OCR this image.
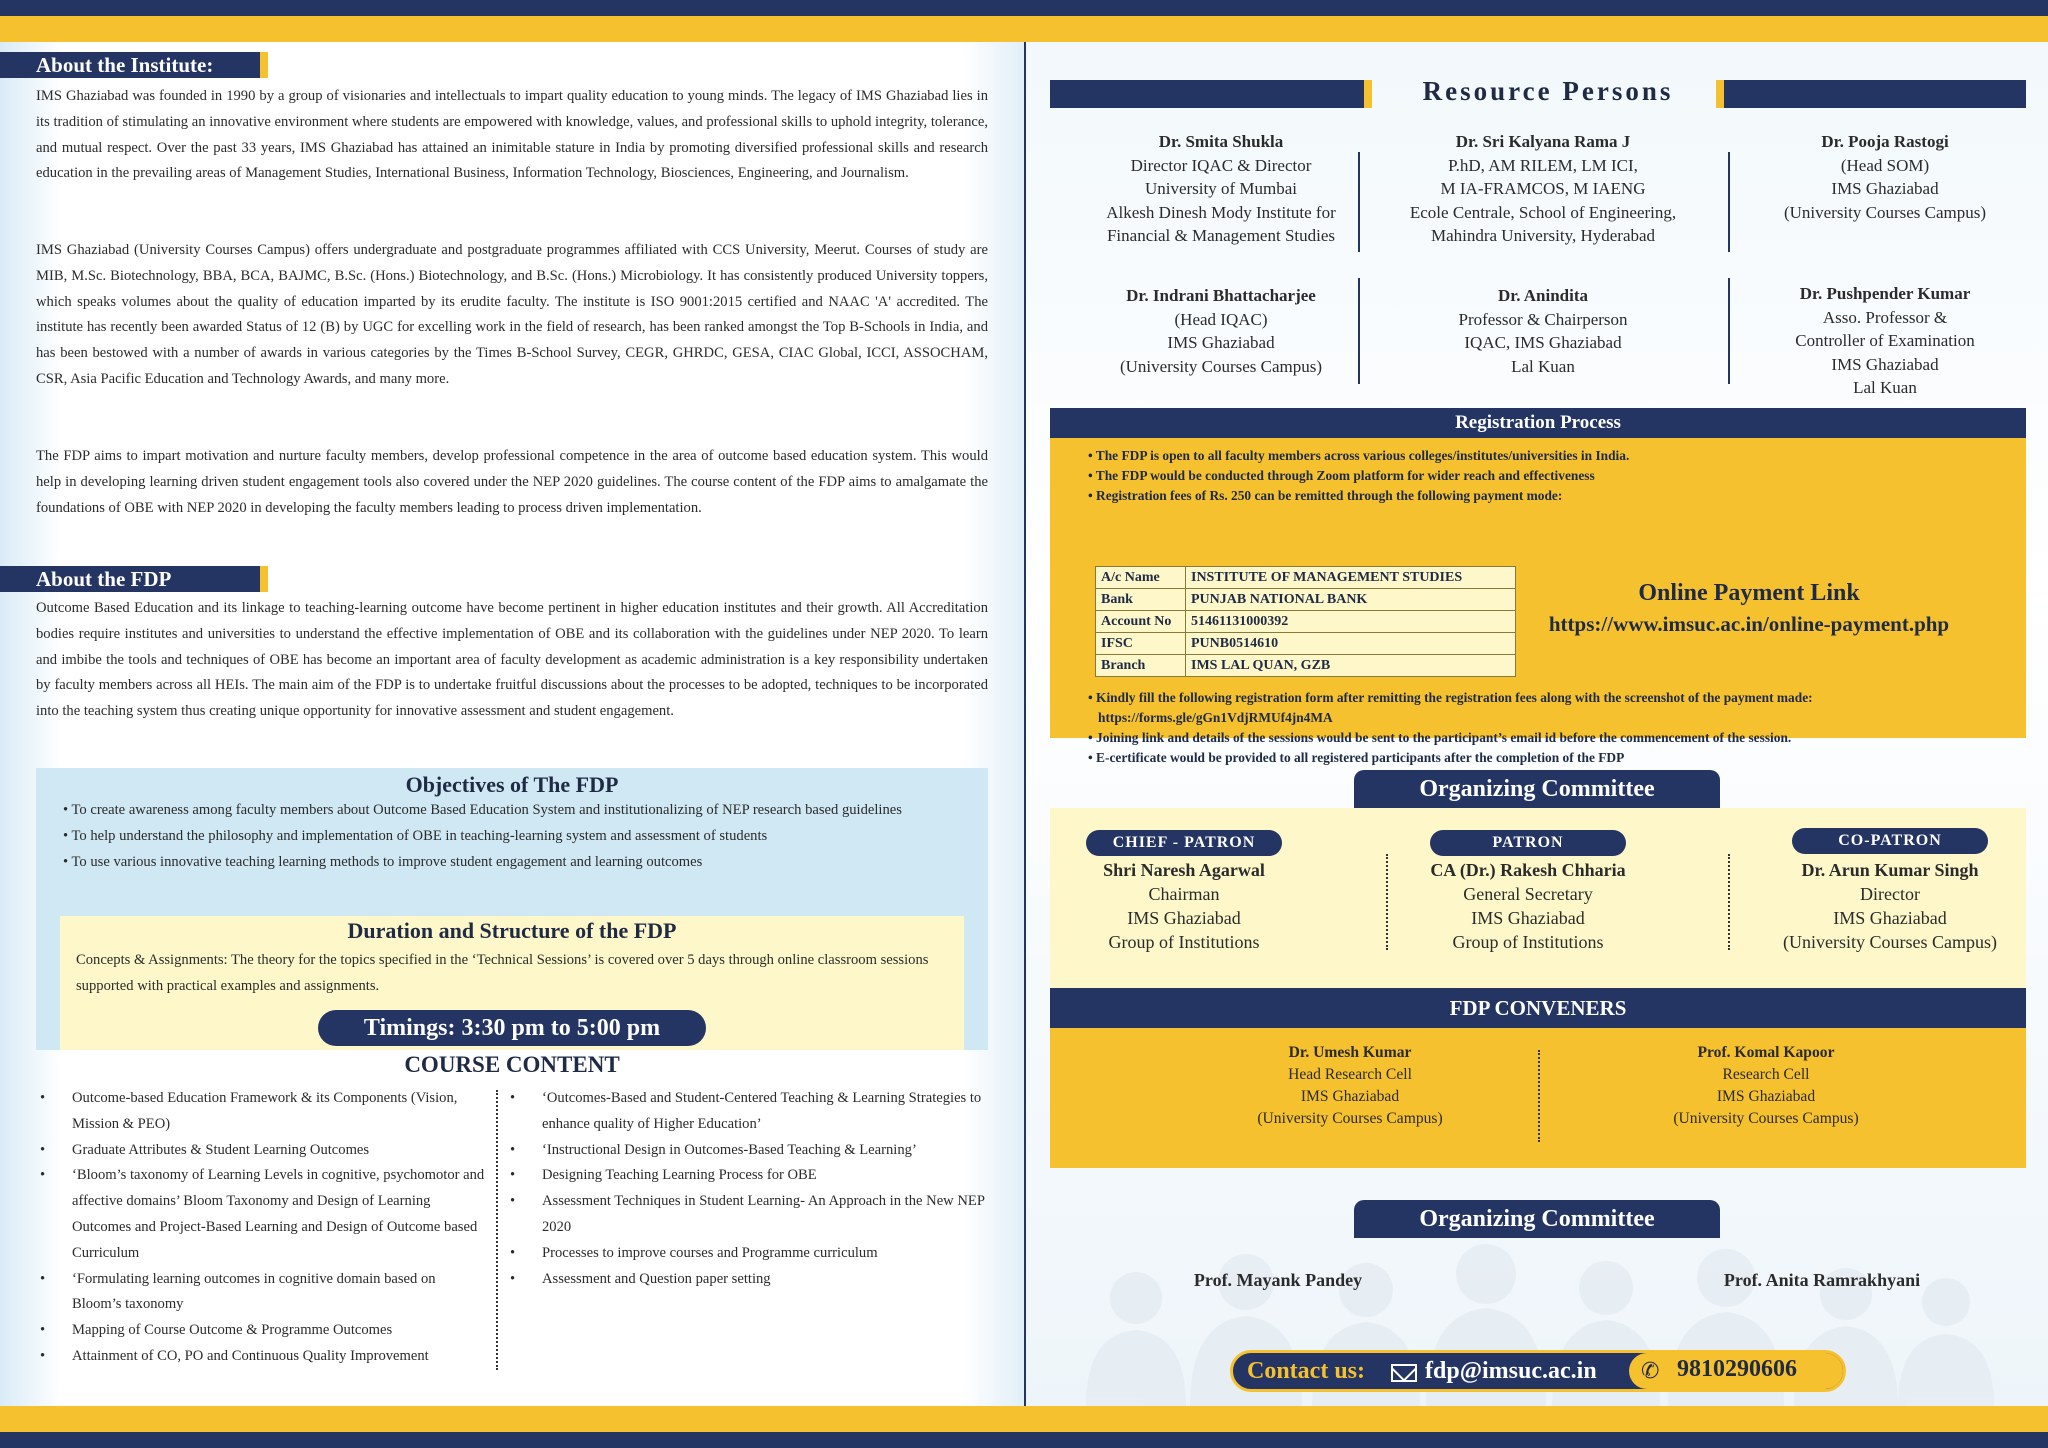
About the Institute:

IMS Ghaziabad was founded in 1990 by a group of visionaries and intellectuals to impart quality education to young minds. The legacy of IMS Ghaziabad lies in its tradition of stimulating an innovative environment where students are empowered with knowledge, values, and professional skills to uphold integrity, tolerance, and mutual respect. Over the past 33 years, IMS Ghaziabad has attained an inimitable stature in India by promoting diversified professional skills and research education in the prevailing areas of Management Studies, International Business, Information Technology, Biosciences, Engineering, and Journalism.

IMS Ghaziabad (University Courses Campus) offers undergraduate and postgraduate programmes affiliated with CCS University, Meerut. Courses of study are MIB, M.Sc. Biotechnology, BBA, BCA, BAJMC, B.Sc. (Hons.) Biotechnology, and B.Sc. (Hons.) Microbiology. It has consistently produced University toppers, which speaks volumes about the quality of education imparted by its erudite faculty. The institute is ISO 9001:2015 certified and NAAC 'A' accredited. The institute has recently been awarded Status of 12 (B) by UGC for excelling work in the field of research, has been ranked amongst the Top B-Schools in India, and has been bestowed with a number of awards in various categories by the Times B-School Survey, CEGR, GHRDC, GESA, CIAC Global, ICCI, ASSOCHAM, CSR, Asia Pacific Education and Technology Awards, and many more.

The FDP aims to impart motivation and nurture faculty members, develop professional competence in the area of outcome based education system. This would help in developing learning driven student engagement tools also covered under the NEP 2020 guidelines. The course content of the FDP aims to amalgamate the foundations of OBE with NEP 2020 in developing the faculty members leading to process driven implementation.

About the FDP

Outcome Based Education and its linkage to teaching-learning outcome have become pertinent in higher education institutes and their growth. All Accreditation bodies require institutes and universities to understand the effective implementation of OBE and its collaboration with the guidelines under NEP 2020. To learn and imbibe the tools and techniques of OBE has become an important area of faculty development as academic administration is a key responsibility undertaken by faculty members across all HEIs. The main aim of the FDP is to undertake fruitful discussions about the processes to be adopted, techniques to be incorporated into the teaching system thus creating unique opportunity for innovative assessment and student engagement.

Objectives of The FDP
• To create awareness among faculty members about Outcome Based Education System and institutionalizing of NEP research based guidelines
• To help understand the philosophy and implementation of OBE in teaching-learning system and assessment of students
• To use various innovative teaching learning methods to improve student engagement and learning outcomes
Duration and Structure of the FDP

Concepts & Assignments: The theory for the topics specified in the ‘Technical Sessions’ is covered over 5 days through online classroom sessions supported with practical examples and assignments.

Timings: 3:30 pm to 5:00 pm
COURSE CONTENT
• Outcome-based Education Framework & its Components (Vision, Mission & PEO)
• Graduate Attributes & Student Learning Outcomes
• ‘Bloom’s taxonomy of Learning Levels in cognitive, psychomotor and affective domains’ Bloom Taxonomy and Design of Learning Outcomes and Project-Based Learning and Design of Outcome based Curriculum
• ‘Formulating learning outcomes in cognitive domain based on Bloom’s taxonomy
• Mapping of Course Outcome & Programme Outcomes
• Attainment of CO, PO and Continuous Quality Improvement
• ‘Outcomes-Based and Student-Centered Teaching & Learning Strategies to enhance quality of Higher Education’
• ‘Instructional Design in Outcomes-Based Teaching & Learning’
• Designing Teaching Learning Process for OBE
• Assessment Techniques in Student Learning- An Approach in the New NEP 2020
• Processes to improve courses and Programme curriculum
• Assessment and Question paper setting
Resource Persons
Dr. Smita Shukla
Director IQAC & Director
University of Mumbai
Alkesh Dinesh Mody Institute for
Financial & Management Studies
Dr. Sri Kalyana Rama J
P.hD, AM RILEM, LM ICI,
M IA-FRAMCOS, M IAENG
Ecole Centrale, School of Engineering,
Mahindra University, Hyderabad
Dr. Pooja Rastogi
(Head SOM)
IMS Ghaziabad
(University Courses Campus)
Dr. Indrani Bhattacharjee
(Head IQAC)
IMS Ghaziabad
(University Courses Campus)
Dr. Anindita
Professor & Chairperson
IQAC, IMS Ghaziabad
Lal Kuan
Dr. Pushpender Kumar
Asso. Professor &
Controller of Examination
IMS Ghaziabad
Lal Kuan
Registration Process
• The FDP is open to all faculty members across various colleges/institutes/universities in India.
• The FDP would be conducted through Zoom platform for wider reach and effectiveness
• Registration fees of Rs. 250 can be remitted through the following payment mode:
A/c Name	INSTITUTE OF MANAGEMENT STUDIES
Bank	PUNJAB NATIONAL BANK
Account No	51461131000392
IFSC	PUNB0514610
Branch	IMS LAL QUAN, GZB
Online Payment Link
https://www.imsuc.ac.in/online-payment.php
• Kindly fill the following registration form after remitting the registration fees along with the screenshot of the payment made:
https://forms.gle/gGn1VdjRMUf4jn4MA
• Joining link and details of the sessions would be sent to the participant’s email id before the commencement of the session.
• E-certificate would be provided to all registered participants after the completion of the FDP
Organizing Committee
CHIEF - PATRON
Shri Naresh Agarwal
Chairman
IMS Ghaziabad
Group of Institutions
PATRON
CA (Dr.) Rakesh Chharia
General Secretary
IMS Ghaziabad
Group of Institutions
CO-PATRON
Dr. Arun Kumar Singh
Director
IMS Ghaziabad
(University Courses Campus)
FDP CONVENERS
Dr. Umesh Kumar
Head Research Cell
IMS Ghaziabad
(University Courses Campus)
Prof. Komal Kapoor
Research Cell
IMS Ghaziabad
(University Courses Campus)
Organizing Committee
Prof. Mayank Pandey	Prof. Anita Ramrakhyani
Contact us:	fdp@imsuc.ac.in ✆ 9810290606
